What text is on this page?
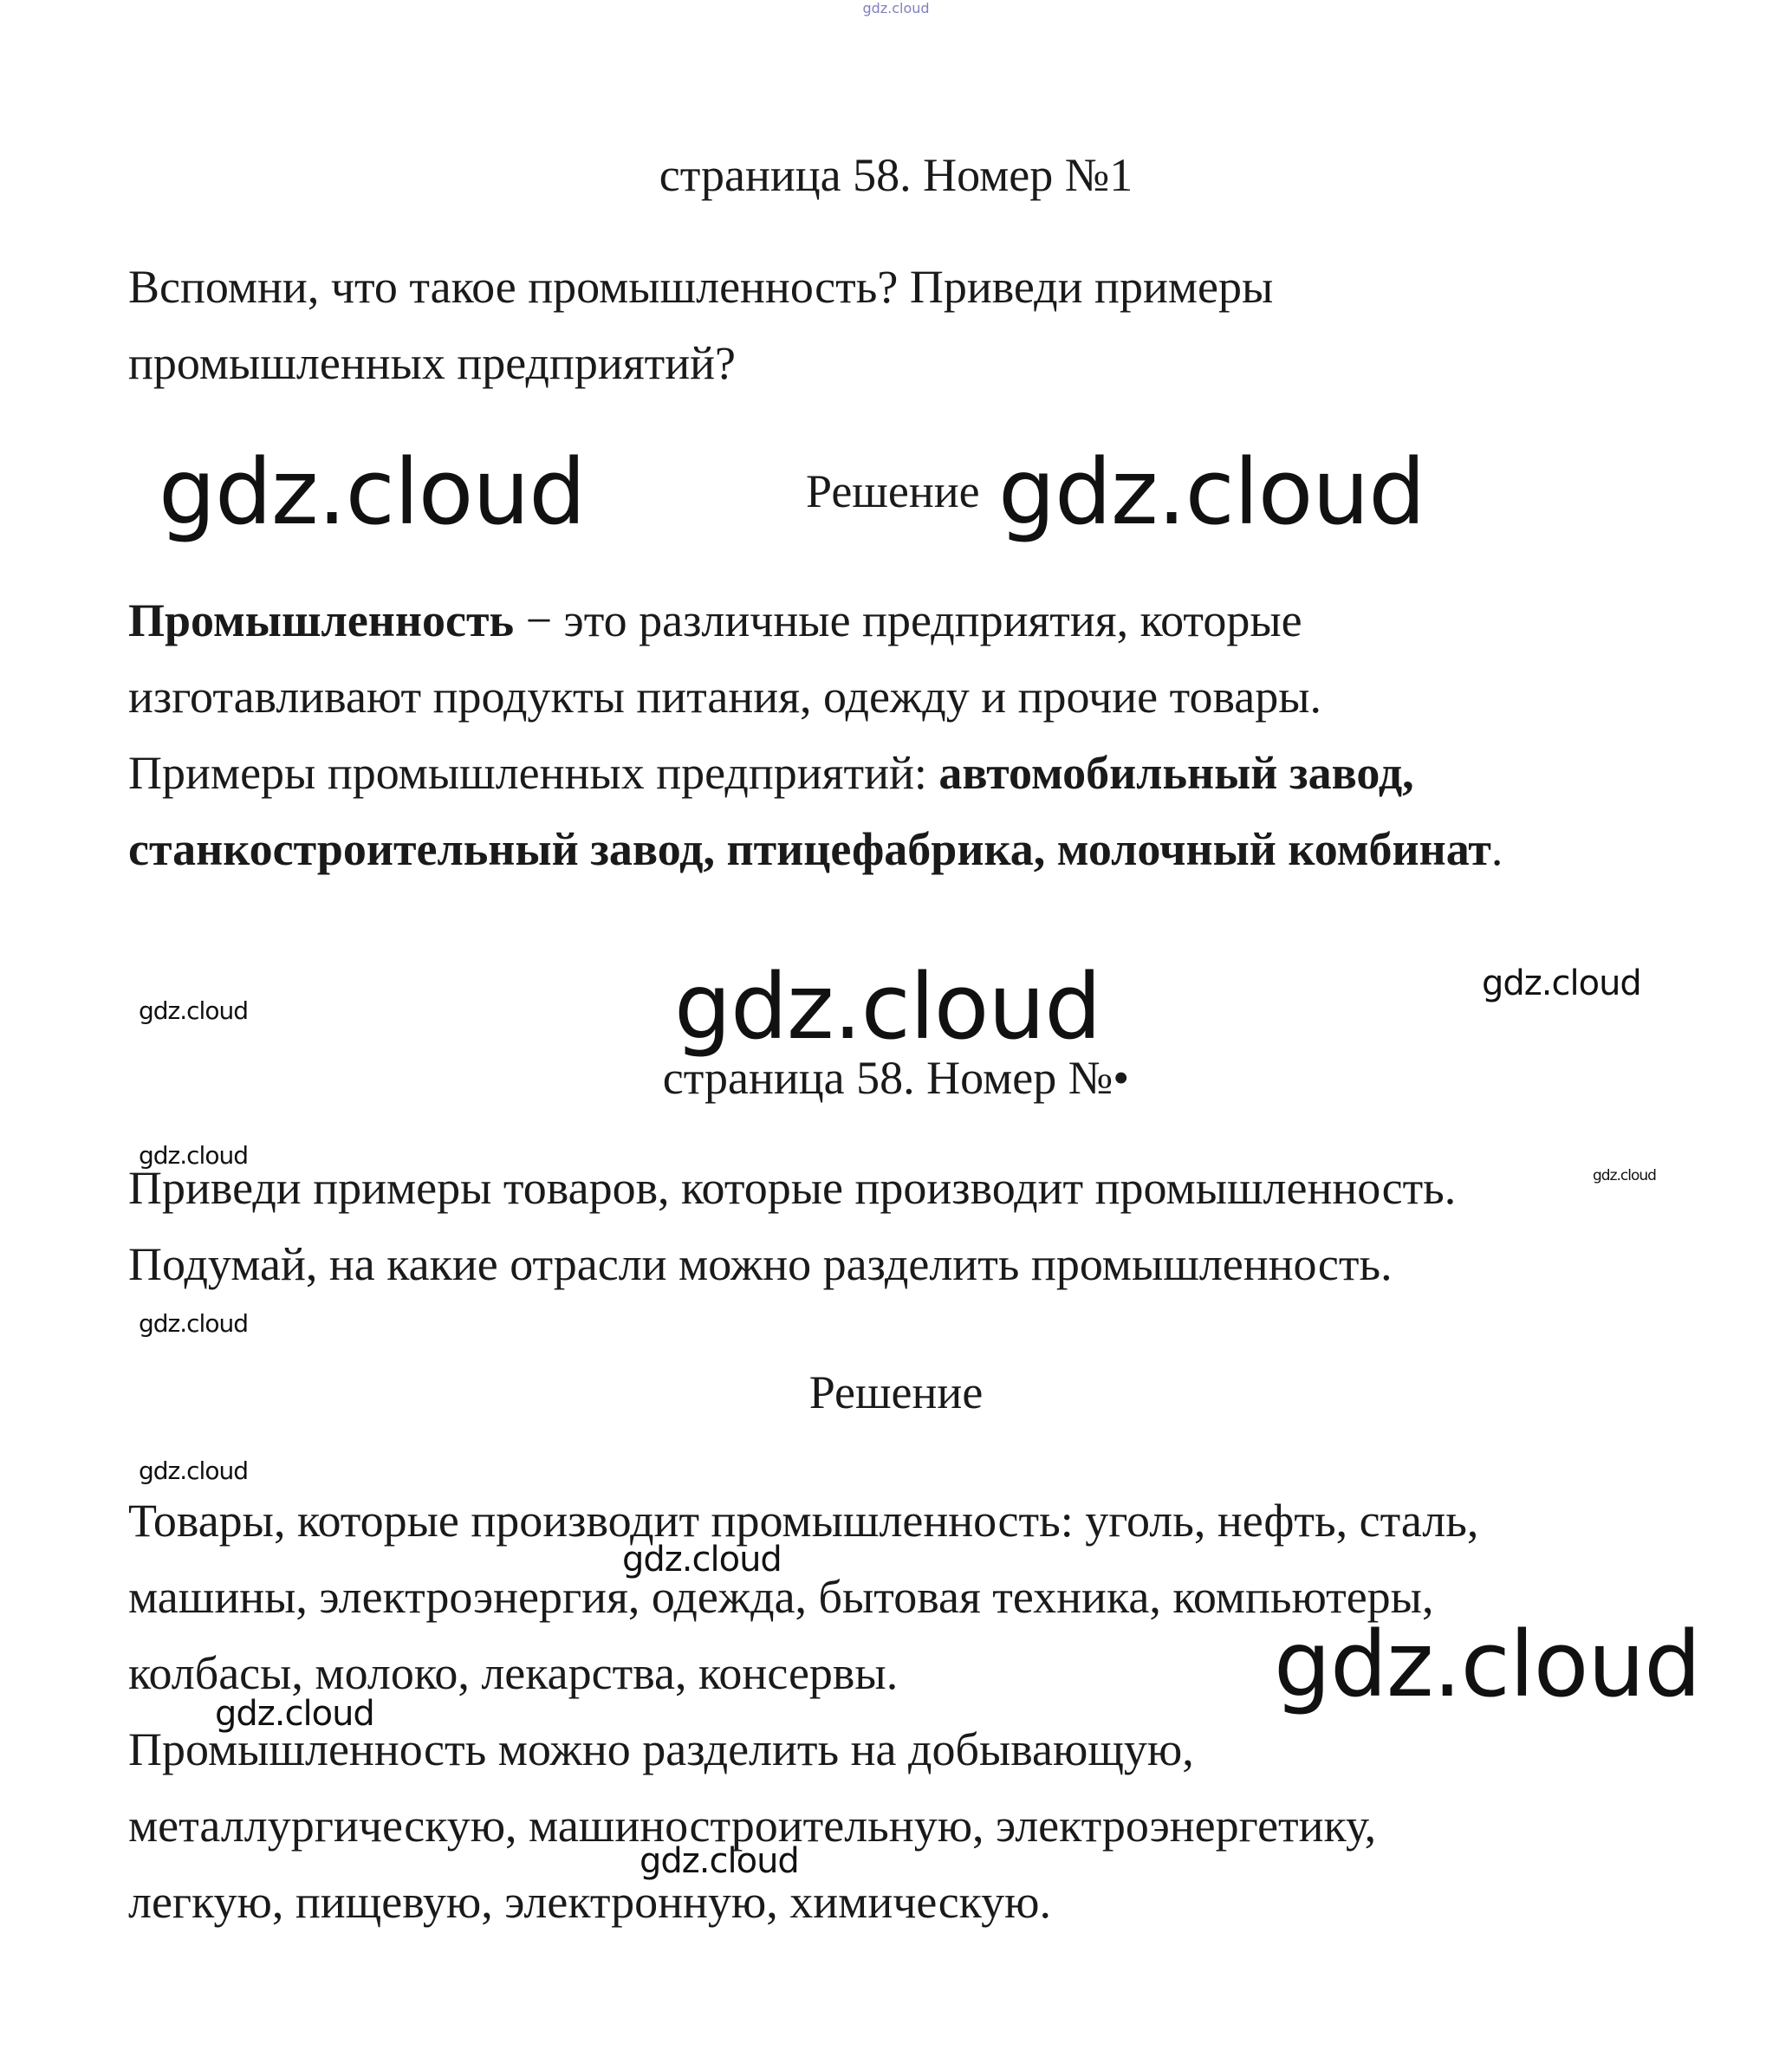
gdz.cloud
страница 58. Номер №1
Вспомни, что такое промышленность? Приведи примеры
промышленных предприятий?
gdz.cloud	Решение gdz.cloud
Промышленность − это различные предприятия, которые
изготавливают продукты питания, одежду и прочие товары.
Примеры промышленных предприятий: автомобильный завод,
станкостроительный завод, птицефабрика, молочный комбинат.
gdz.cloud	gdz.cloud	gdz.cloud
страница 58. Номер №•
gdz.cloud
gdz.cloud
Приведи примеры товаров, которые производит промышленность.
Подумай, на какие отрасли можно разделить промышленность.
gdz.cloud
Решение
gdz.cloud
Товары, которые производит промышленность: уголь, нефть, сталь,
машины, электроэнергия, одежда, бытовая техника, компьютеры,
колбасы, молоко, лекарства, консервы.
Промышленность можно разделить на добывающую,
металлургическую, машиностроительную, электроэнергетику,
легкую, пищевую, электронную, химическую.
gdz.cloud
gdz.cloud
gdz.cloud
gdz.cloud
